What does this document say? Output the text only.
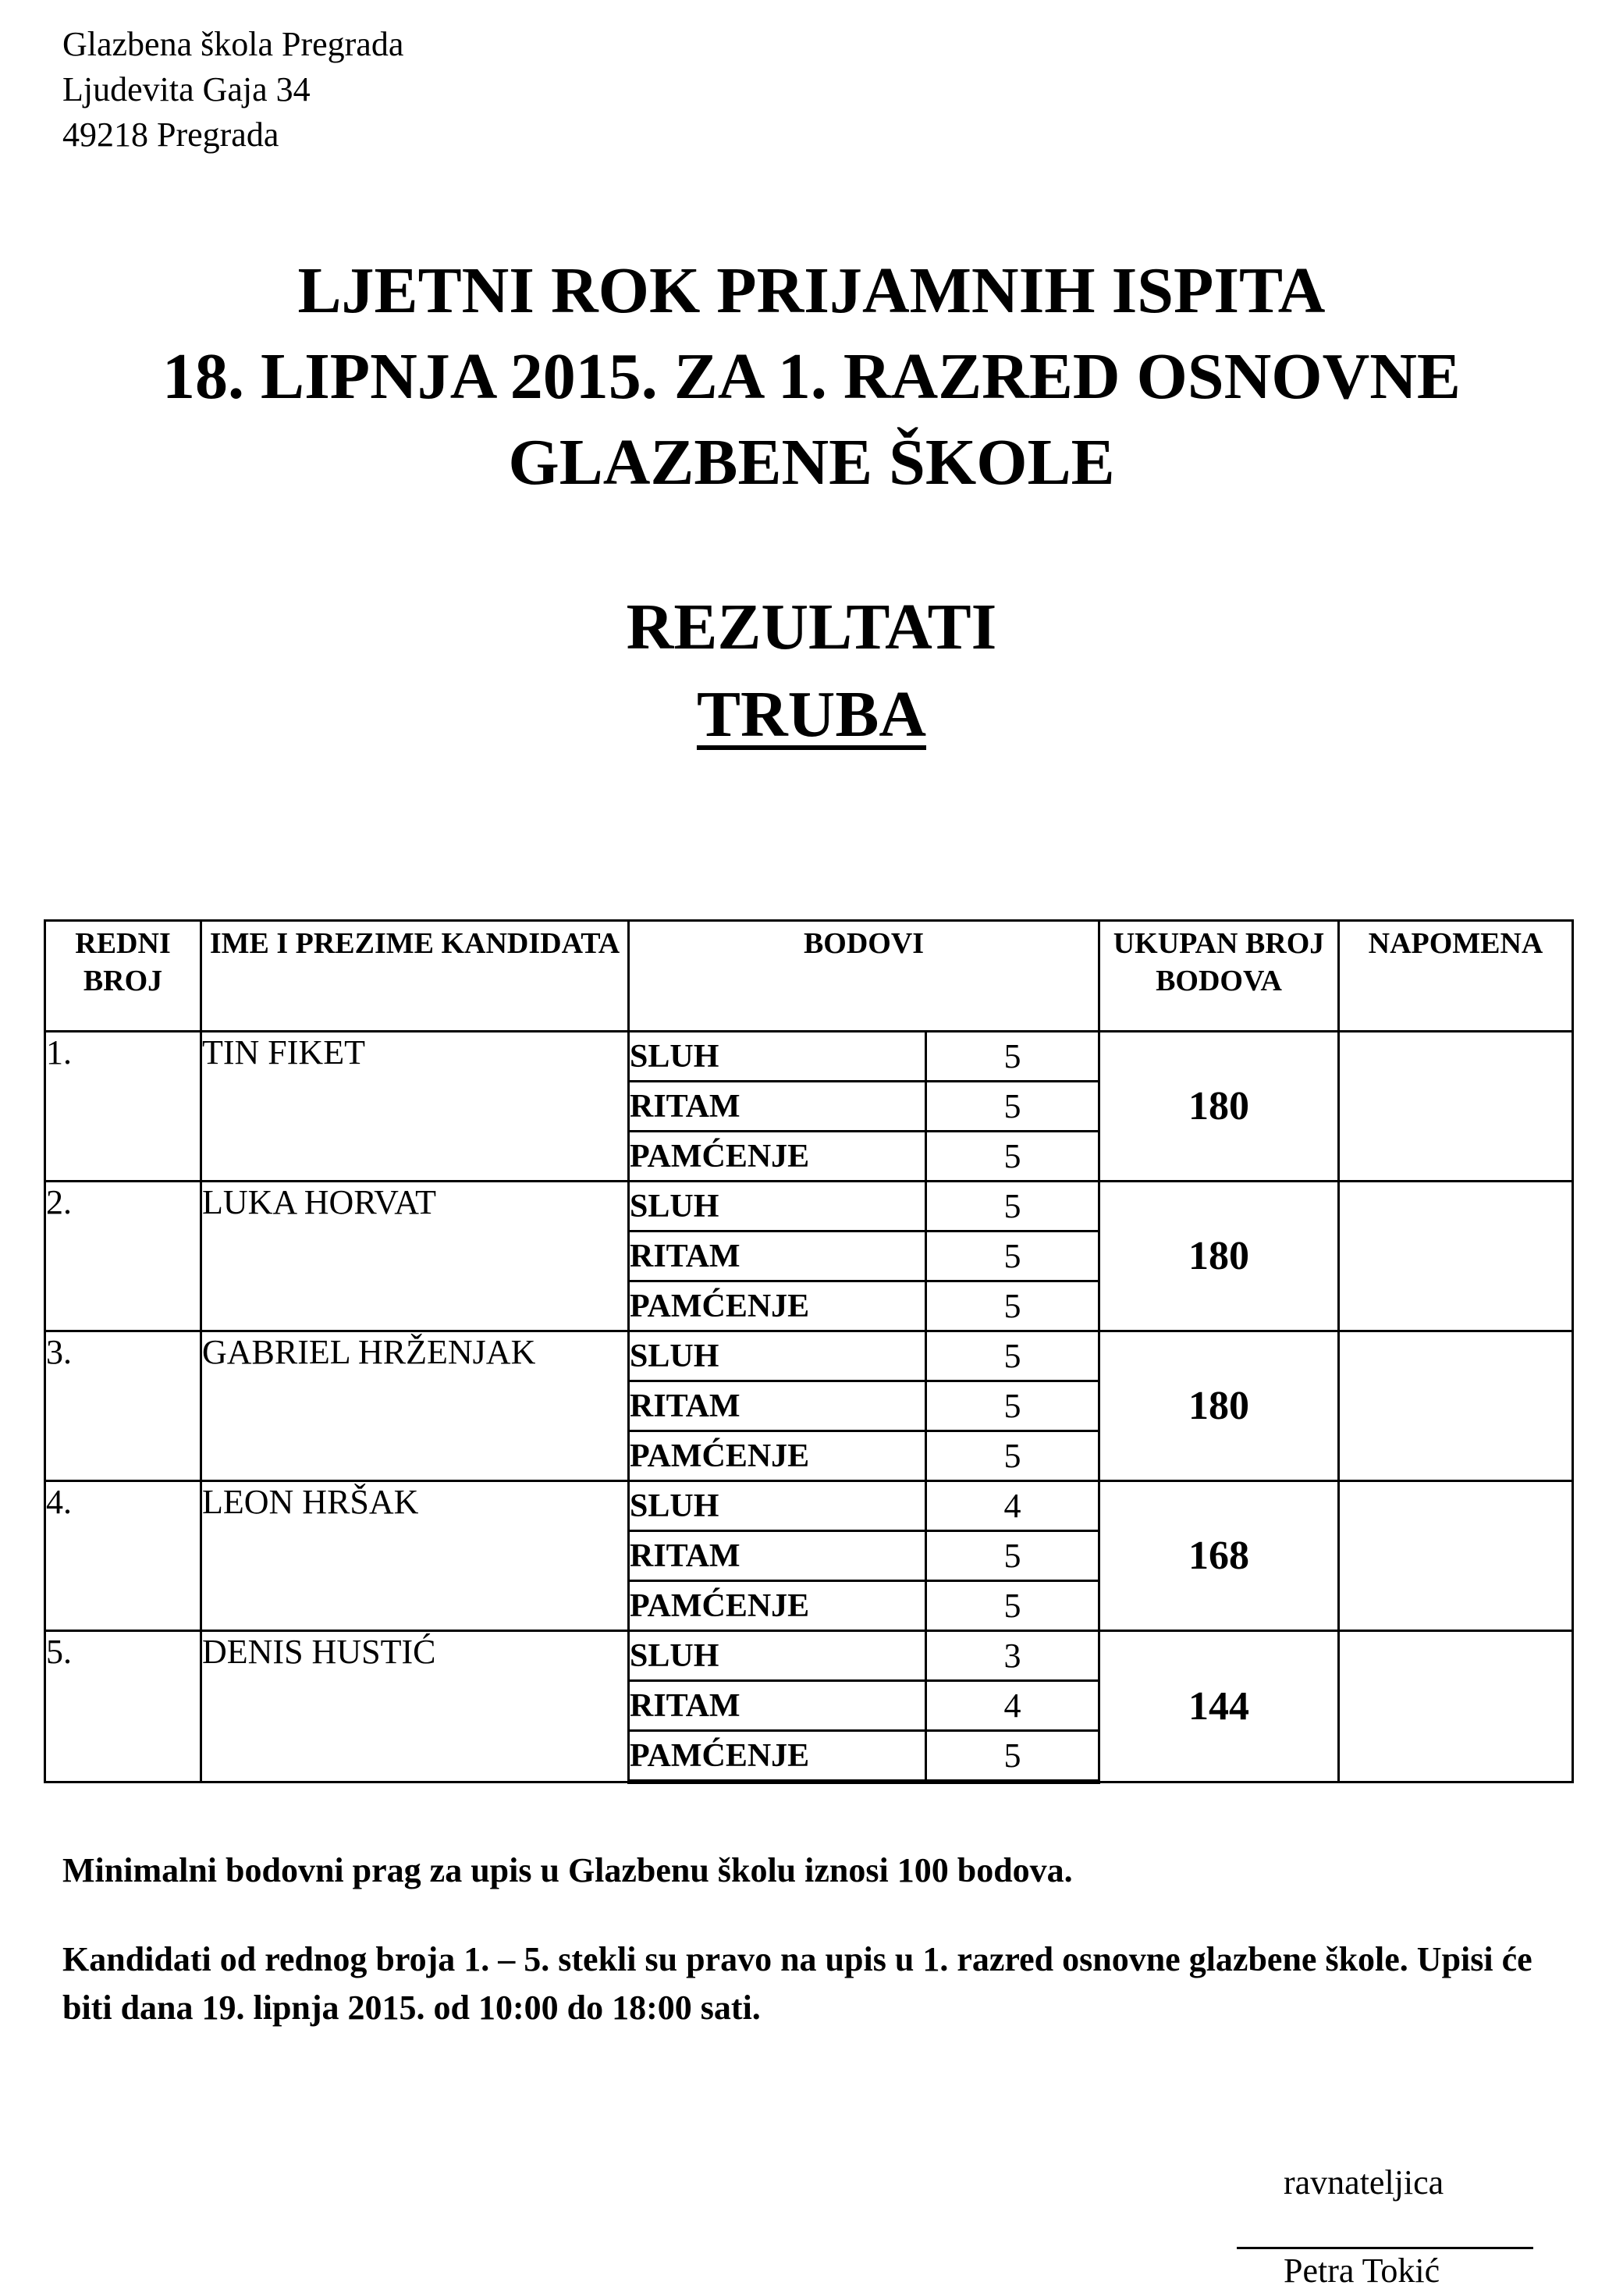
Glazbena škola Pregrada
Ljudevita Gaja 34
49218 Pregrada
LJETNI ROK PRIJAMNIH ISPITA
18. LIPNJA 2015. ZA 1. RAZRED OSNOVNE
GLAZBENE ŠKOLE
REZULTATI
TRUBA
REDNI BROJ	IME I PREZIME KANDIDATA	BODOVI		UKUPAN BROJ BODOVA	NAPOMENA
1.	TIN FIKET	SLUH	5	180	
		RITAM	5		
		PAMĆENJE	5		
2.	LUKA HORVAT	SLUH	5	180	
		RITAM	5		
		PAMĆENJE	5		
3.	GABRIEL HRŽENJAK	SLUH	5	180	
		RITAM	5		
		PAMĆENJE	5		
4.	LEON HRŠAK	SLUH	4	168	
		RITAM	5		
		PAMĆENJE	5		
5.	DENIS HUSTIĆ	SLUH	3	144	
		RITAM	4		
		PAMĆENJE	5		

Minimalni bodovni prag za upis u Glazbenu školu iznosi 100 bodova.

Kandidati od rednog broja 1. – 5. stekli su pravo na upis u 1. razred osnovne glazbene škole. Upisi će biti dana 19. lipnja 2015. od 10:00 do 18:00 sati.

ravnateljica
Petra Tokić
